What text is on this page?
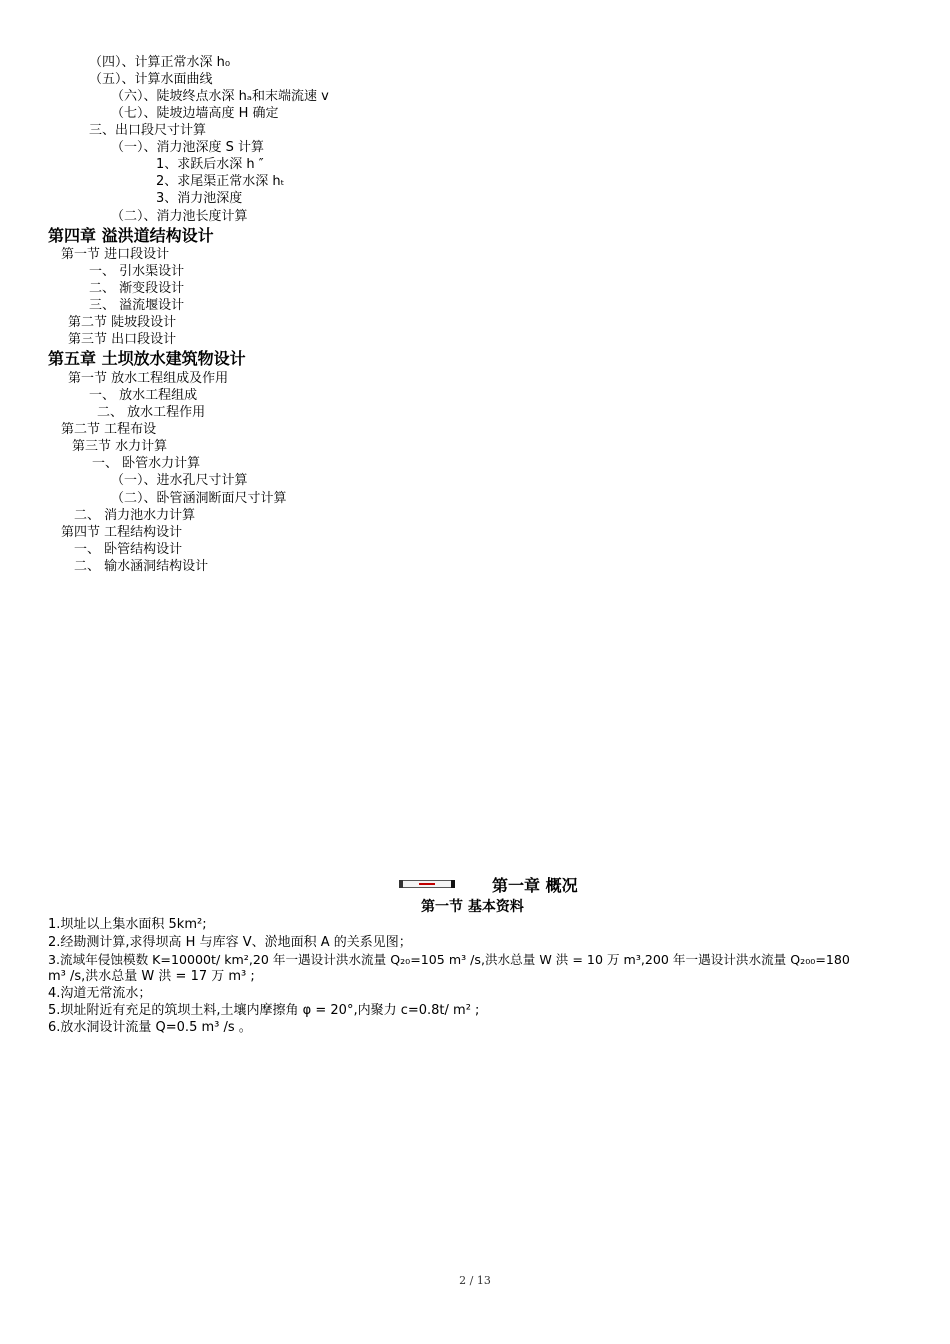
（四）、计算正常水深 h₀
（五）、计算水面曲线
（六）、陡坡终点水深 hₐ和末端流速 v
（七）、陡坡边墙高度 H 确定
三、出口段尺寸计算
（一）、消力池深度 S 计算
1、求跃后水深 h ″
2、求尾渠正常水深 hₜ
3、消力池深度
（二）、消力池长度计算
第四章 溢洪道结构设计
第一节 进口段设计
一、 引水渠设计
二、 渐变段设计
三、 溢流堰设计
第二节 陡坡段设计
第三节 出口段设计
第五章 土坝放水建筑物设计
第一节 放水工程组成及作用
一、 放水工程组成
二、 放水工程作用
第二节 工程布设
第三节 水力计算
一、 卧管水力计算
（一）、进水孔尺寸计算
（二）、卧管涵洞断面尺寸计算
二、 消力池水力计算
第四节 工程结构设计
一、 卧管结构设计
二、 输水涵洞结构设计
第一章 概况
第一节 基本资料
1.坝址以上集水面积 5km²;
2.经勘测计算,求得坝高 H 与库容 V、淤地面积 A 的关系见图；
3.流域年侵蚀模数 K=10000t/ km²,20 年一遇设计洪水流量 Q₂₀=105 m³ /s,洪水总量 W 洪 = 10 万 m³,200 年一遇设计洪水流量 Q₂₀₀=180
m³ /s,洪水总量 W 洪 = 17 万 m³ ;
4.沟道无常流水；
5.坝址附近有充足的筑坝土料,土壤内摩擦角 φ = 20°,内聚力 c=0.8t/ m² ;
6.放水洞设计流量 Q=0.5 m³ /s 。
2 / 13
